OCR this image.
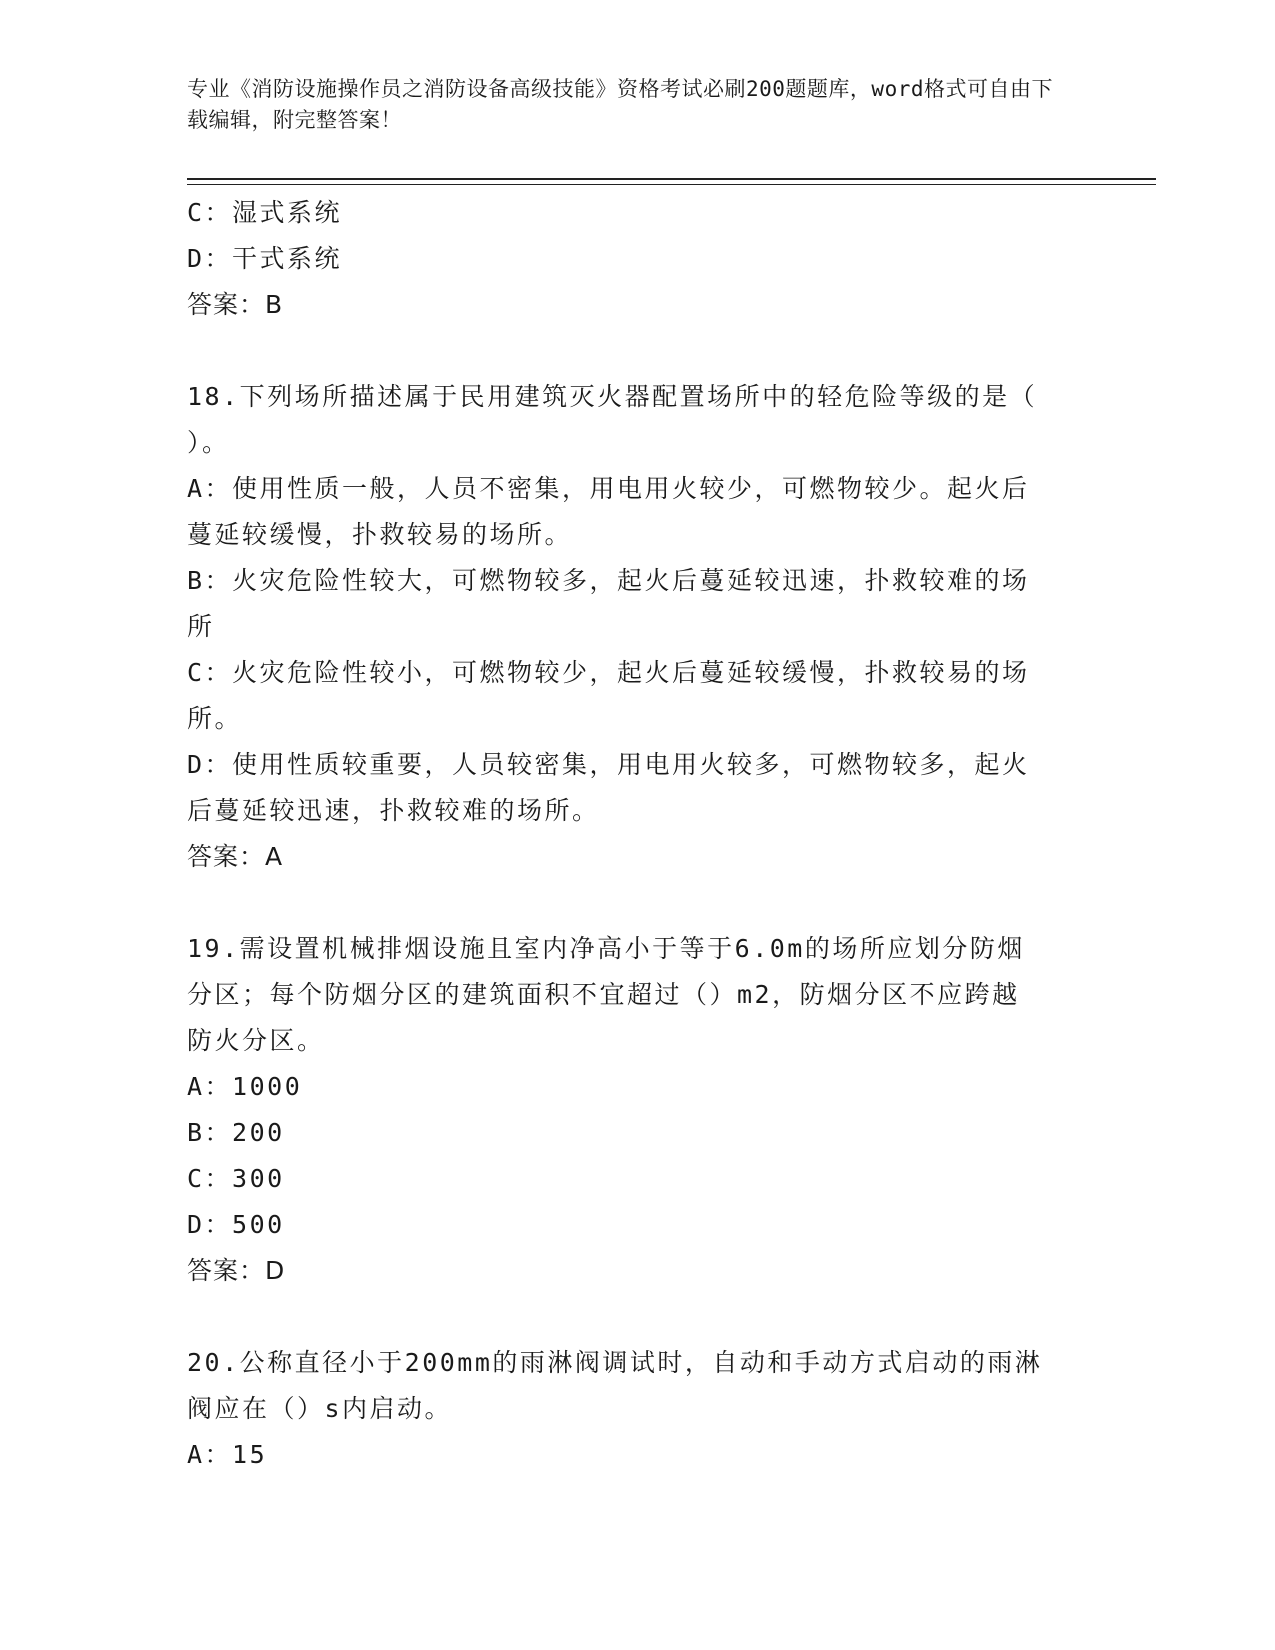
专业《消防设施操作员之消防设备高级技能》资格考试必刷200题题库，word格式可自由下载编辑，附完整答案！
C：湿式系统
D：干式系统
答案：B
18.下列场所描述属于民用建筑灭火器配置场所中的轻危险等级的是（
）。
A：使用性质一般，人员不密集，用电用火较少，可燃物较少。起火后
蔓延较缓慢，扑救较易的场所。
B：火灾危险性较大，可燃物较多，起火后蔓延较迅速，扑救较难的场
所
C：火灾危险性较小，可燃物较少，起火后蔓延较缓慢，扑救较易的场
所。
D：使用性质较重要，人员较密集，用电用火较多，可燃物较多，起火
后蔓延较迅速，扑救较难的场所。
答案：A
19.需设置机械排烟设施且室内净高小于等于6.0m的场所应划分防烟
分区；每个防烟分区的建筑面积不宜超过（）m2，防烟分区不应跨越
防火分区。
A：1000
B：200
C：300
D：500
答案：D
20.公称直径小于200mm的雨淋阀调试时，自动和手动方式启动的雨淋
阀应在（）s内启动。
A：15
